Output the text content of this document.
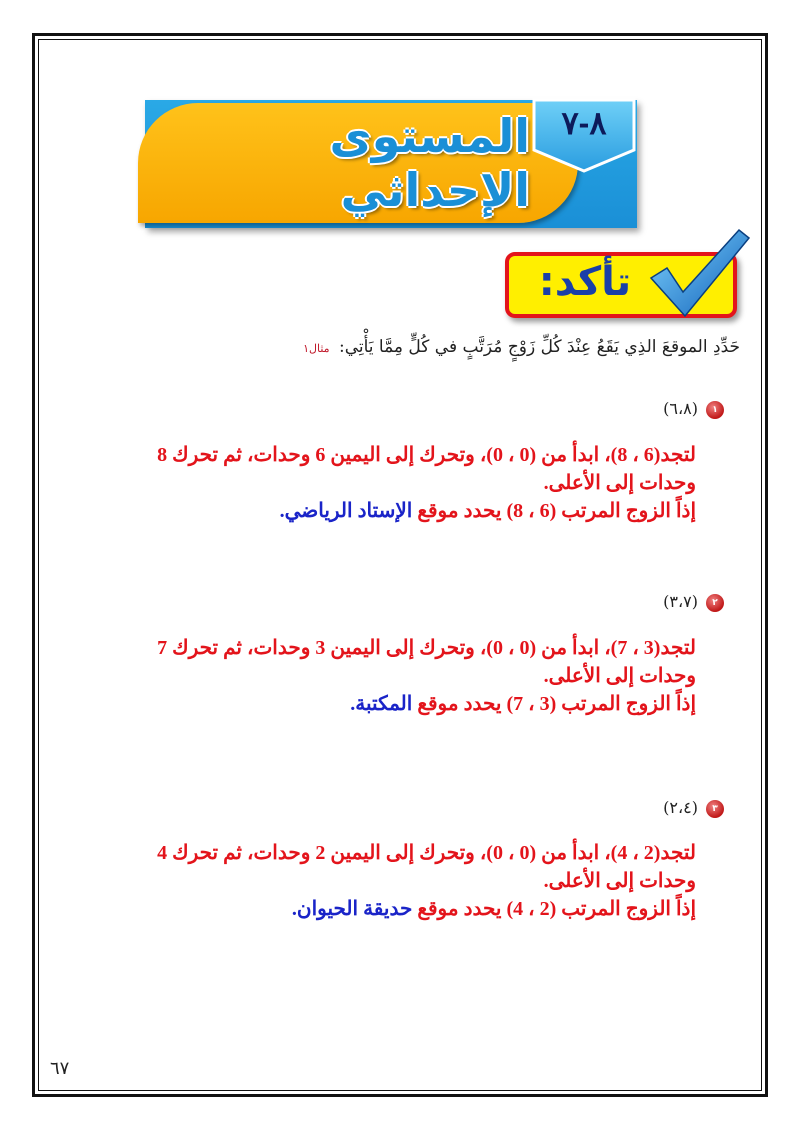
المستوى الإحداثي
٨-٧
تأكد:
حَدِّدِ الموقعَ الذِي يَقَعُ عِنْدَ كُلِّ زَوْجٍ مُرَتَّبٍ في كُلٍّ مِمَّا يَأْتِي: مثال١
١
(٦،٨)
لتجد(6 ، 8)، ابدأ من (0 ، 0)، وتحرك إلى اليمين 6 وحدات، ثم تحرك 8
وحدات إلى الأعلى.
إذاً الزوج المرتب (6 ، 8) يحدد موقع الإستاد الرياضي.
٢
(٣،٧)
لتجد(3 ، 7)، ابدأ من (0 ، 0)، وتحرك إلى اليمين 3 وحدات، ثم تحرك 7
وحدات إلى الأعلى.
إذاً الزوج المرتب (3 ، 7) يحدد موقع المكتبة.
٣
(٢،٤)
لتجد(2 ، 4)، ابدأ من (0 ، 0)، وتحرك إلى اليمين 2 وحدات، ثم تحرك 4
وحدات إلى الأعلى.
إذاً الزوج المرتب (2 ، 4) يحدد موقع حديقة الحيوان.
٦٧
